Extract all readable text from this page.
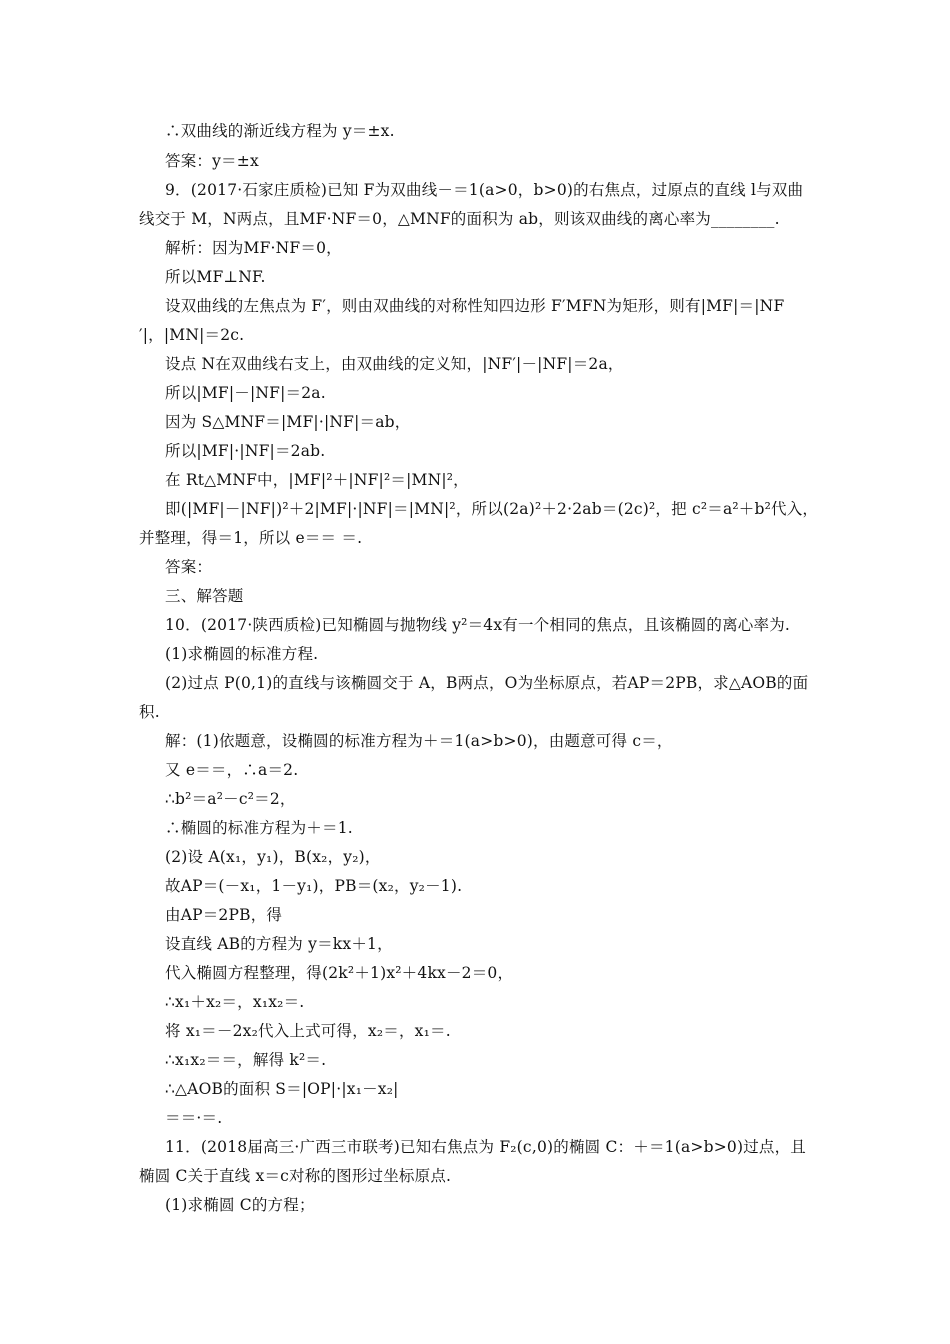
∴双曲线的渐近线方程为 y＝±x.
答案：y＝±x
9．(2017·石家庄质检)已知 F为双曲线－＝1(a>0，b>0)的右焦点，过原点的直线 l与双曲
线交于 M，N两点，且MF·NF＝0，△MNF的面积为 ab，则该双曲线的离心率为________.
解析：因为MF·NF＝0，
所以MF⊥NF.
设双曲线的左焦点为 F′，则由双曲线的对称性知四边形 F′MFN为矩形，则有|MF|＝|NF
′|，|MN|＝2c.
设点 N在双曲线右支上，由双曲线的定义知，|NF′|－|NF|＝2a，
所以|MF|－|NF|＝2a.
因为 S△MNF＝|MF|·|NF|＝ab，
所以|MF|·|NF|＝2ab.
在 Rt△MNF中，|MF|²＋|NF|²＝|MN|²，
即(|MF|－|NF|)²＋2|MF|·|NF|＝|MN|²，所以(2a)²＋2·2ab＝(2c)²，把 c²＝a²＋b²代入，
并整理，得＝1，所以 e＝＝ ＝.
答案：
三、解答题
10．(2017·陕西质检)已知椭圆与抛物线 y²＝4x有一个相同的焦点，且该椭圆的离心率为.
(1)求椭圆的标准方程.
(2)过点 P(0,1)的直线与该椭圆交于 A，B两点，O为坐标原点，若AP＝2PB，求△AOB的面
积.
解：(1)依题意，设椭圆的标准方程为＋＝1(a>b>0)，由题意可得 c＝，
又 e＝＝，∴a＝2.
∴b²＝a²－c²＝2，
∴椭圆的标准方程为＋＝1.
(2)设 A(x₁，y₁)，B(x₂，y₂)，
故AP＝(－x₁，1－y₁)，PB＝(x₂，y₂－1).
由AP＝2PB，得
设直线 AB的方程为 y＝kx＋1，
代入椭圆方程整理，得(2k²＋1)x²＋4kx－2＝0，
∴x₁＋x₂＝，x₁x₂＝.
将 x₁＝－2x₂代入上式可得，x₂＝，x₁＝.
∴x₁x₂＝＝，解得 k²＝.
∴△AOB的面积 S＝|OP|·|x₁－x₂|
＝＝·＝.
11．(2018届高三·广西三市联考)已知右焦点为 F₂(c,0)的椭圆 C：＋＝1(a>b>0)过点，且
椭圆 C关于直线 x＝c对称的图形过坐标原点.
(1)求椭圆 C的方程；
